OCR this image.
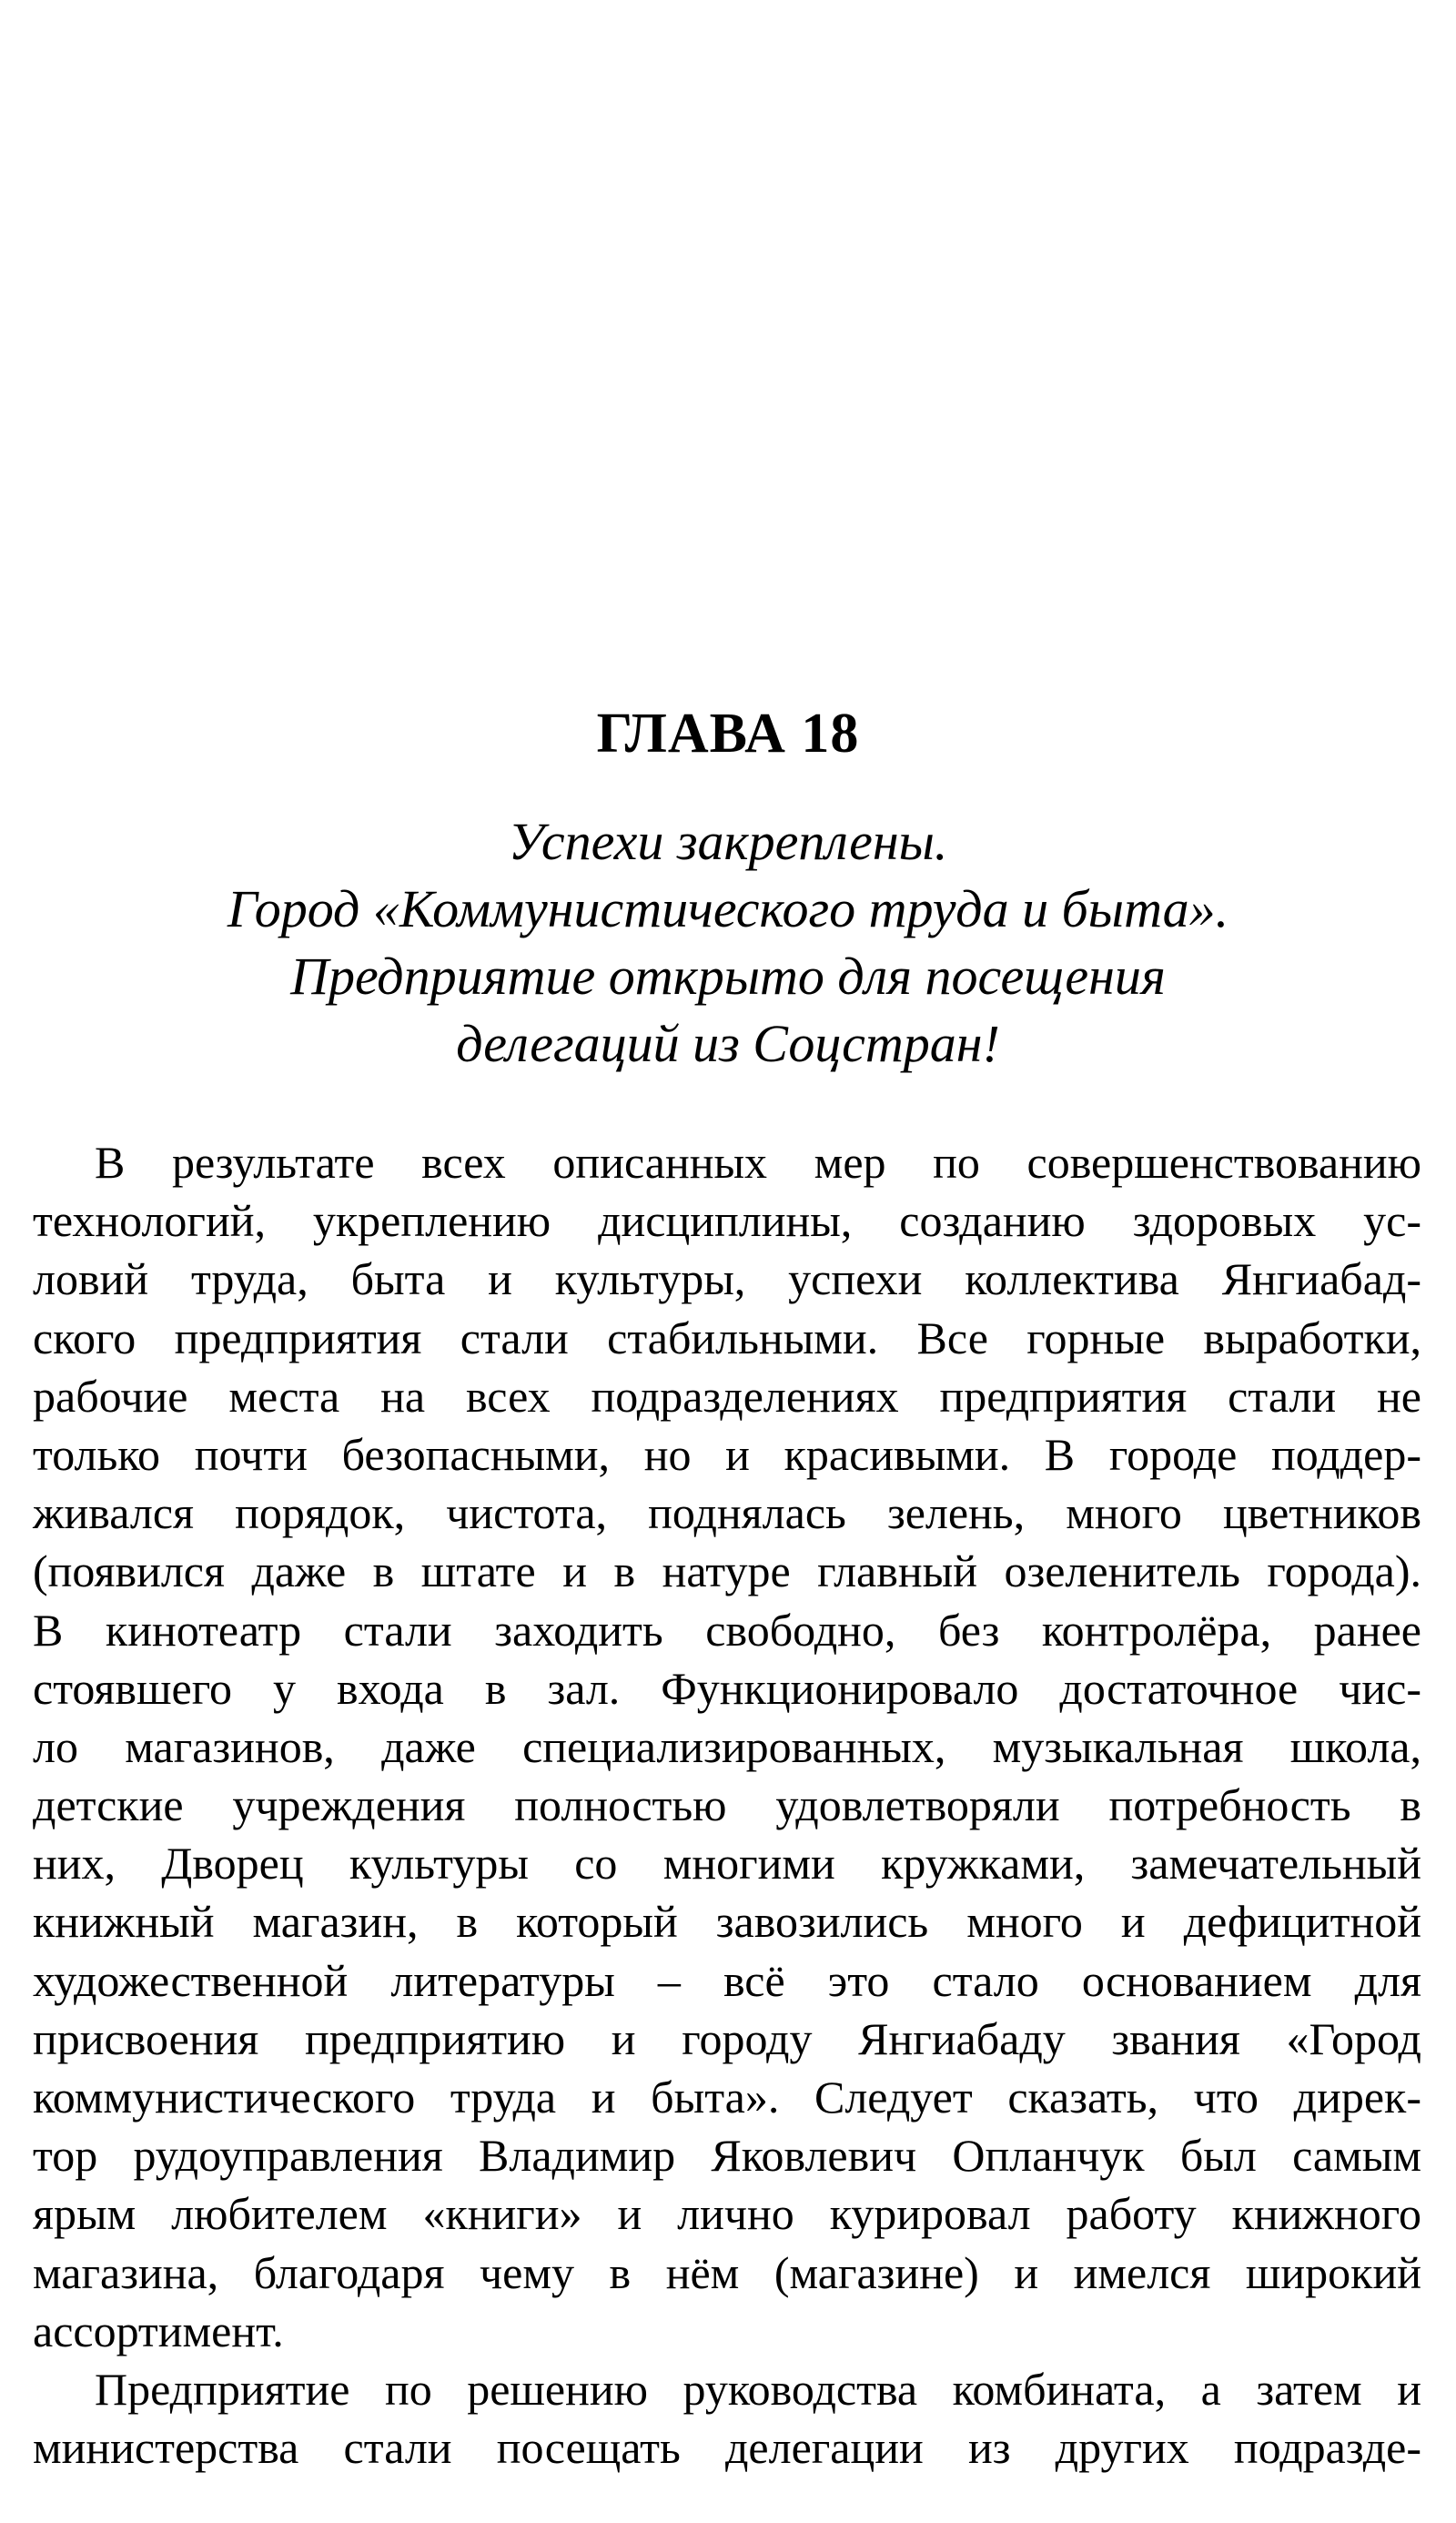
ГЛАВА 18
Успехи закреплены.
Город «Коммунистического труда и быта».
Предприятие открыто для посещения
делегаций из Соцстран!
В результате всех описанных мер по совершенствованию
технологий, укреплению дисциплины, созданию здоровых ус-
ловий труда, быта и культуры, успехи коллектива Янгиабад-
ского предприятия стали стабильными. Все горные выработки,
рабочие места на всех подразделениях предприятия стали не
только почти безопасными, но и красивыми. В городе поддер-
живался порядок, чистота, поднялась зелень, много цветников
(появился даже в штате и в натуре главный озеленитель города).
В кинотеатр стали заходить свободно, без контролёра, ранее
стоявшего у входа в зал. Функционировало достаточное чис-
ло магазинов, даже специализированных, музыкальная школа,
детские учреждения полностью удовлетворяли потребность в
них, Дворец культуры со многими кружками, замечательный
книжный магазин, в который завозились много и дефицитной
художественной литературы – всё это стало основанием для
присвоения предприятию и городу Янгиабаду звания «Город
коммунистического труда и быта». Следует сказать, что дирек-
тор рудоуправления Владимир Яковлевич Опланчук был самым
ярым любителем «книги» и лично курировал работу книжного
магазина, благодаря чему в нём (магазине) и имелся широкий
ассортимент.
Предприятие по решению руководства комбината, а затем и
министерства стали посещать делегации из других подразде-
